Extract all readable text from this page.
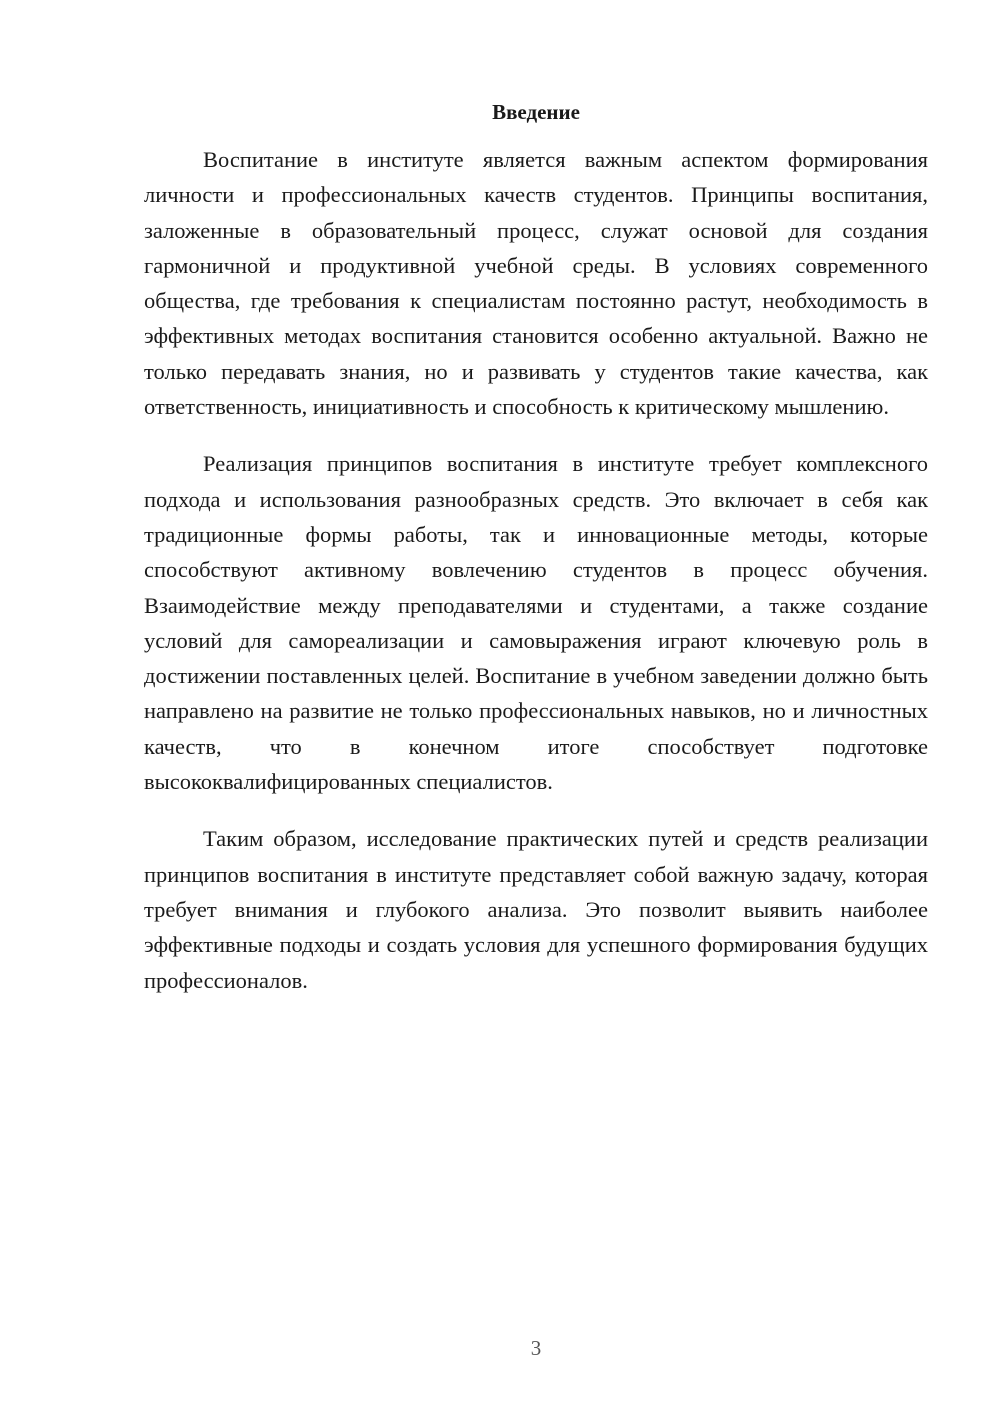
Введение

Воспитание в институте является важным аспектом формирования личности и профессиональных качеств студентов. Принципы воспитания, заложенные в образовательный процесс, служат основой для создания гармоничной и продуктивной учебной среды. В условиях современного общества, где требования к специалистам постоянно растут, необходимость в эффективных методах воспитания становится особенно актуальной. Важно не только передавать знания, но и развивать у студентов такие качества, как ответственность, инициативность и способность к критическому мышлению.

Реализация принципов воспитания в институте требует комплексного подхода и использования разнообразных средств. Это включает в себя как традиционные формы работы, так и инновационные методы, которые способствуют активному вовлечению студентов в процесс обучения. Взаимодействие между преподавателями и студентами, а также создание условий для самореализации и самовыражения играют ключевую роль в достижении поставленных целей. Воспитание в учебном заведении должно быть направлено на развитие не только профессиональных навыков, но и личностных качеств, что в конечном итоге способствует подготовке высококвалифицированных специалистов.

Таким образом, исследование практических путей и средств реализации принципов воспитания в институте представляет собой важную задачу, которая требует внимания и глубокого анализа. Это позволит выявить наиболее эффективные подходы и создать условия для успешного формирования будущих профессионалов.

3
